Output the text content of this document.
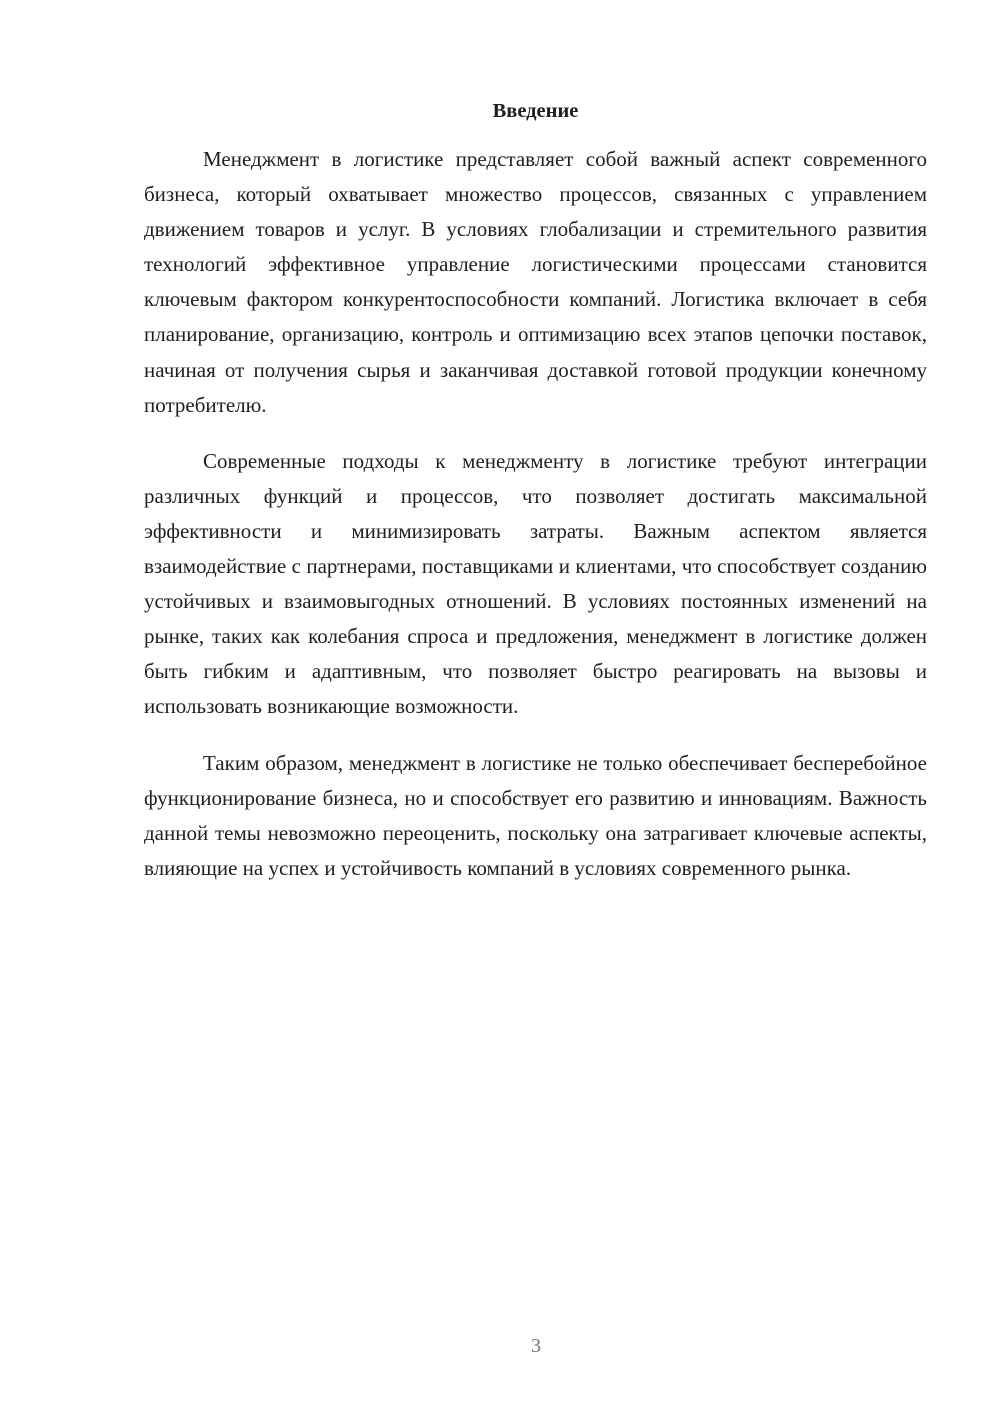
Введение

Менеджмент в логистике представляет собой важный аспект современного бизнеса, который охватывает множество процессов, связанных с управлением движением товаров и услуг. В условиях глобализации и стремительного развития технологий эффективное управление логистическими процессами становится ключевым фактором конкурентоспособности компаний. Логистика включает в себя планирование, организацию, контроль и оптимизацию всех этапов цепочки поставок, начиная от получения сырья и заканчивая доставкой готовой продукции конечному потребителю.

Современные подходы к менеджменту в логистике требуют интеграции различных функций и процессов, что позволяет достигать максимальной эффективности и минимизировать затраты. Важным аспектом является взаимодействие с партнерами, поставщиками и клиентами, что способствует созданию устойчивых и взаимовыгодных отношений. В условиях постоянных изменений на рынке, таких как колебания спроса и предложения, менеджмент в логистике должен быть гибким и адаптивным, что позволяет быстро реагировать на вызовы и использовать возникающие возможности.

Таким образом, менеджмент в логистике не только обеспечивает бесперебойное функционирование бизнеса, но и способствует его развитию и инновациям. Важность данной темы невозможно переоценить, поскольку она затрагивает ключевые аспекты, влияющие на успех и устойчивость компаний в условиях современного рынка.

3
